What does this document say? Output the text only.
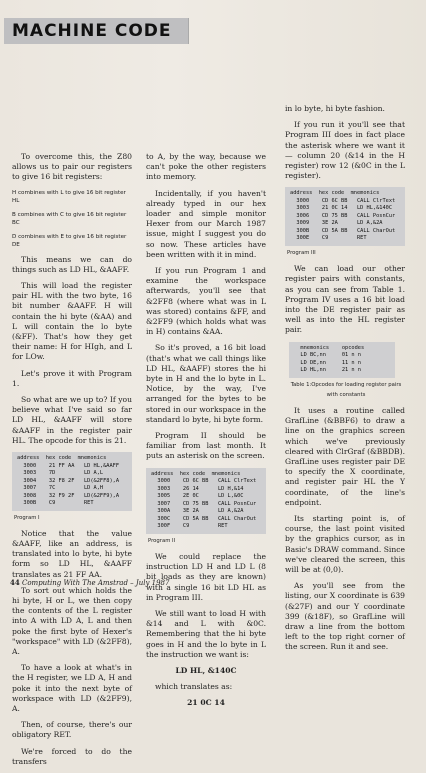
MACHINE CODE

To overcome this, the Z80 allows us to pair our registers to give 16 bit registers:

H combines with L to give 16 bit register HL
B combines with C to give 16 bit register BC
D combines with E to give 16 bit register DE

This means we can do things such as LD HL, &AAFF.

This will load the register pair HL with the two byte, 16 bit number &AAFF. H will contain the hi byte (&AA) and L will contain the lo byte (&FF). That's how they get their name: H for HIgh, and L for LOw.

Let's prove it with Program 1.

So what are we up to? If you believe what I've said so far LD HL, &AAFF will store &AAFF in the register pair HL. The opcode for this is 21.

address  hex code  mnemonics
3000    21 FF AA   LD HL,&AAFF
3003    7D         LD A,L
3004    32 F8 2F   LD(&2FF8),A
3007    7C         LD A,H
3008    32 F9 2F   LD(&2FF9),A
300B    C9         RET
Program I

Notice that the value &AAFF, like an address, is translated into lo byte, hi byte form so LD HL, &AAFF translates as 21 FF AA.

To sort out which holds the hi byte, H or L, we then copy the contents of the L register into A with LD A, L and then poke the first byte of Hexer's "workspace" with LD (&2FF8), A.

To have a look at what's in the H register, we LD A, H and poke it into the next byte of workspace with LD (&2FF9), A.

Then, of course, there's our obligatory RET.

We're forced to do the transfers

to A, by the way, because we can't poke the other registers into memory.

Incidentally, if you haven't already typed in our hex loader and simple monitor Hexer from our March 1987 issue, might I suggest you do so now. These articles have been written with it in mind.

If you run Program 1 and examine the workspace afterwards, you'll see that &2FF8 (where what was in L was stored) contains &FF, and &2FF9 (which holds what was in H) contains &AA.

So it's proved, a 16 bit load (that's what we call things like LD HL, &AAFF) stores the hi byte in H and the lo byte in L. Notice, by the way, I've arranged for the bytes to be stored in our workspace in the standard lo byte, hi byte form.

Program II should be familiar from last month. It puts an asterisk on the screen.

address  hex code  mnemonics
3000    CD 6C BB   CALL ClrText
3003    26 14      LD H,&14
3005    2E 0C      LD L,&0C
3007    CD 75 BB   CALL PosnCur
300A    3E 2A      LD A,&2A
300C    CD 5A BB   CALL CharOut
300F    C9         RET
Program II

We could replace the instruction LD H and LD L (8 bit loads as they are known) with a single 16 bit LD HL as in Program III.

We still want to load H with &14 and L with &0C. Remembering that the hi byte goes in H and the lo byte in L the instruction we want is:

LD HL, &140C

which translates as:

21 0C 14

in lo byte, hi byte fashion.

If you run it you'll see that Program III does in fact place the asterisk where we want it — column 20 (&14 in the H register) row 12 (&0C in the L register).

address  hex code  mnemonics
3000    CD 6C BB   CALL ClrText
3003    21 0C 14   LD HL,&140C
3006    CD 75 BB   CALL PosnCur
3009    3E 2A      LD A,&2A
300B    CD 5A BB   CALL CharOut
300E    C9         RET
Program III

We can load our other register pairs with constants, as you can see from Table 1. Program IV uses a 16 bit load into the DE register pair as well as into the HL register pair.

mnemonics    opcodes
LD BC,nn     01 n n
LD DE,nn     11 n n
LD HL,nn     21 n n
Table 1:Opcodes for loading register pairs with constants

It uses a routine called GrafLine (&BBF6) to draw a line on the graphics screen which we've previously cleared with ClrGraf (&BBDB). GrafLine uses register pair DE to specify the X coordinate, and register pair HL the Y coordinate, of the line's endpoint.

Its starting point is, of course, the last point visited by the graphics cursor, as in Basic's DRAW command. Since we've cleared the screen, this will be at (0,0).

As you'll see from the listing, our X coordinate is 639 (&27F) and our Y coordinate 399 (&18F), so GrafLine will draw a line from the bottom left to the top right corner of the screen. Run it and see.

44 Computing With The Amstrad – July 1987
